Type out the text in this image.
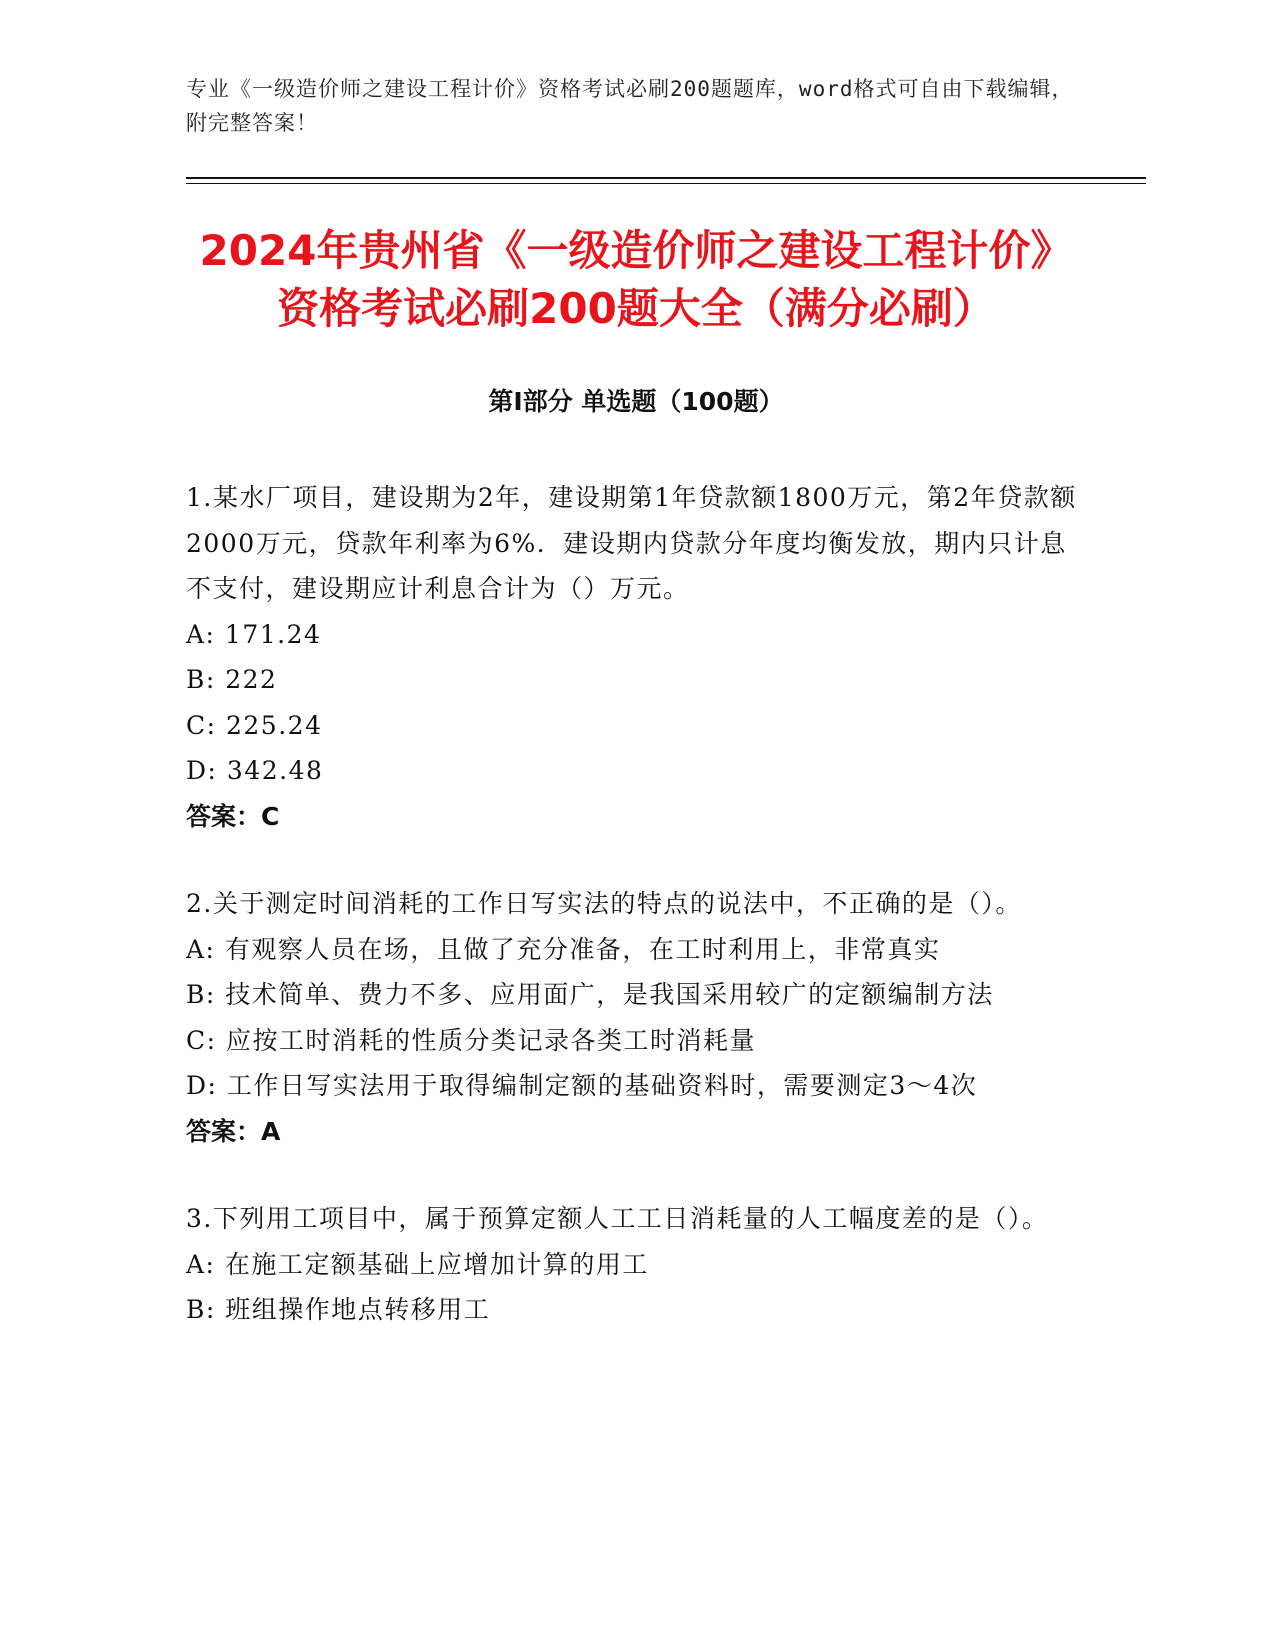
专业《一级造价师之建设工程计价》资格考试必刷200题题库，word格式可自由下载编辑，附完整答案！
2024年贵州省《一级造价师之建设工程计价》资格考试必刷200题大全（满分必刷）
第I部分 单选题（100题）

1.某水厂项目，建设期为2年，建设期第1年贷款额1800万元，第2年贷款额2000万元，贷款年利率为6%．建设期内贷款分年度均衡发放，期内只计息不支付，建设期应计利息合计为（）万元。

A: 171.24

B: 222

C: 225.24

D: 342.48

答案：C

2.关于测定时间消耗的工作日写实法的特点的说法中，不正确的是（）。

A: 有观察人员在场，且做了充分准备，在工时利用上，非常真实

B: 技术简单、费力不多、应用面广，是我国采用较广的定额编制方法

C: 应按工时消耗的性质分类记录各类工时消耗量

D: 工作日写实法用于取得编制定额的基础资料时，需要测定3～4次

答案：A

3.下列用工项目中，属于预算定额人工工日消耗量的人工幅度差的是（）。

A: 在施工定额基础上应增加计算的用工

B: 班组操作地点转移用工
